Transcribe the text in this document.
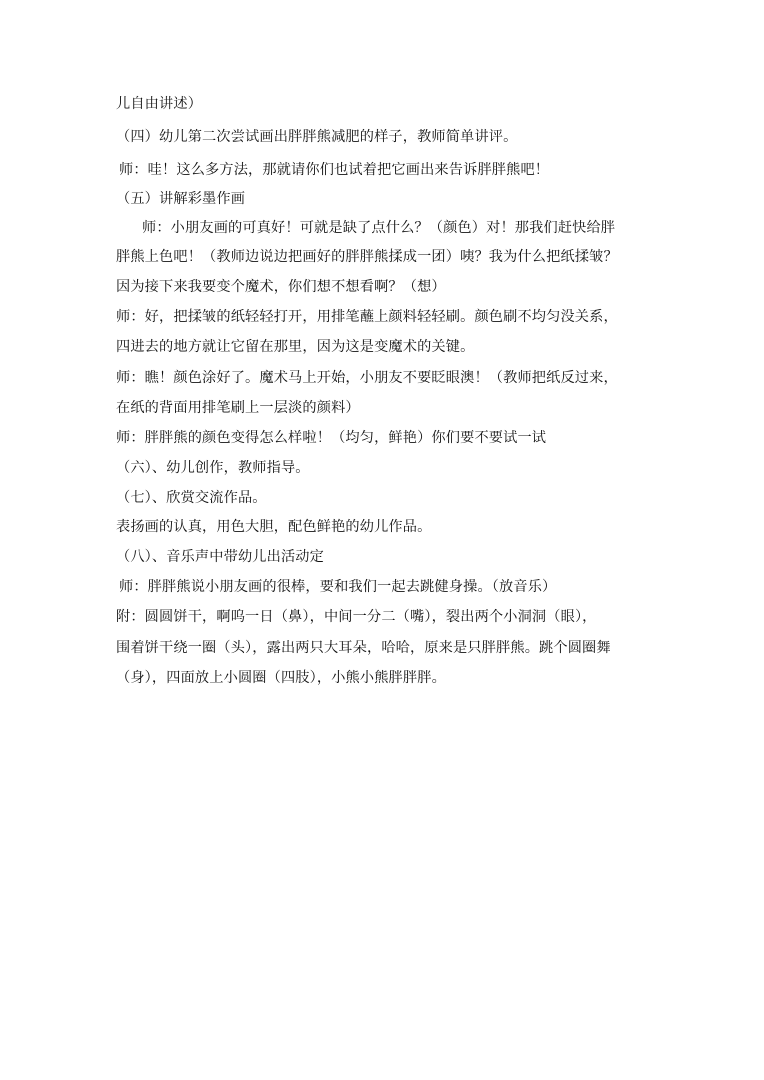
儿自由讲述）
（四）幼儿第二次尝试画出胖胖熊减肥的样子，教师简单讲评。
师：哇！这么多方法，那就请你们也试着把它画出来告诉胖胖熊吧！
（五）讲解彩墨作画
师：小朋友画的可真好！可就是缺了点什么？（颜色）对！那我们赶快给胖
胖熊上色吧！（教师边说边把画好的胖胖熊揉成一团）咦？我为什么把纸揉皱？
因为接下来我要变个魔术，你们想不想看啊？（想）
师：好，把揉皱的纸轻轻打开，用排笔蘸上颜料轻轻刷。颜色刷不均匀没关系，
四进去的地方就让它留在那里，因为这是变魔术的关键。
师：瞧！颜色涂好了。魔术马上开始，小朋友不要眨眼澳！（教师把纸反过来，
在纸的背面用排笔刷上一层淡的颜料）
师：胖胖熊的颜色变得怎么样啦！（均匀，鲜艳）你们要不要试一试
（六）、幼儿创作，教师指导。
（七）、欣赏交流作品。
表扬画的认真，用色大胆，配色鲜艳的幼儿作品。
（八）、音乐声中带幼儿出活动定
师：胖胖熊说小朋友画的很棒，要和我们一起去跳健身操。（放音乐）
附：圆圆饼干，啊呜一日（鼻），中间一分二（嘴），裂出两个小洞洞（眼），
围着饼干绕一圈（头），露出两只大耳朵，哈哈，原来是只胖胖熊。跳个圆圈舞
（身），四面放上小圆圈（四肢），小熊小熊胖胖胖。
